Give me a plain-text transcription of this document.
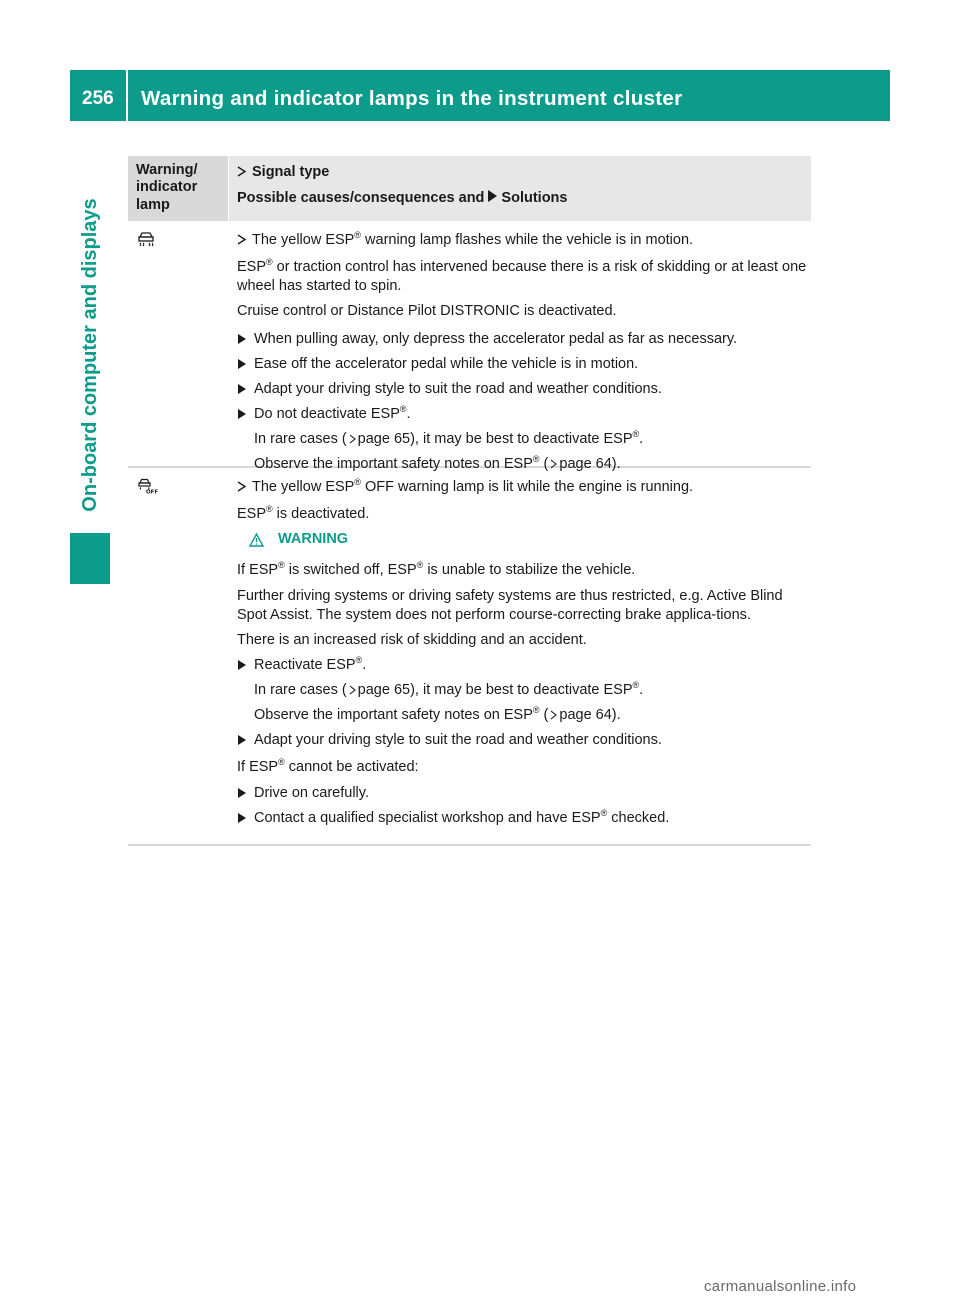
256 Warning and indicator lamps in the instrument cluster
On-board computer and displays
Warning/ indicator lamp

Signal type

Possible causes/consequences and Solutions

The yellow ESP® warning lamp flashes while the vehicle is in motion.

ESP® or traction control has intervened because there is a risk of skidding or at least one wheel has started to spin.

Cruise control or Distance Pilot DISTRONIC is deactivated.

When pulling away, only depress the accelerator pedal as far as necessary.

Ease off the accelerator pedal while the vehicle is in motion.

Adapt your driving style to suit the road and weather conditions.

Do not deactivate ESP®.

In rare cases ( page 65), it may be best to deactivate ESP®.

Observe the important safety notes on ESP® ( page 64).

OFF	The yellow ESP® OFF warning lamp is lit while the engine is running.

ESP® is deactivated.

WARNING

If ESP® is switched off, ESP® is unable to stabilize the vehicle.

Further driving systems or driving safety systems are thus restricted, e.g. Active Blind Spot Assist. The system does not perform course-correcting brake applica-tions.

There is an increased risk of skidding and an accident.

Reactivate ESP®.

In rare cases ( page 65), it may be best to deactivate ESP®.

Observe the important safety notes on ESP® ( page 64).

Adapt your driving style to suit the road and weather conditions.

If ESP® cannot be activated:

Drive on carefully.

Contact a qualified specialist workshop and have ESP® checked.

carmanualsonline.info
